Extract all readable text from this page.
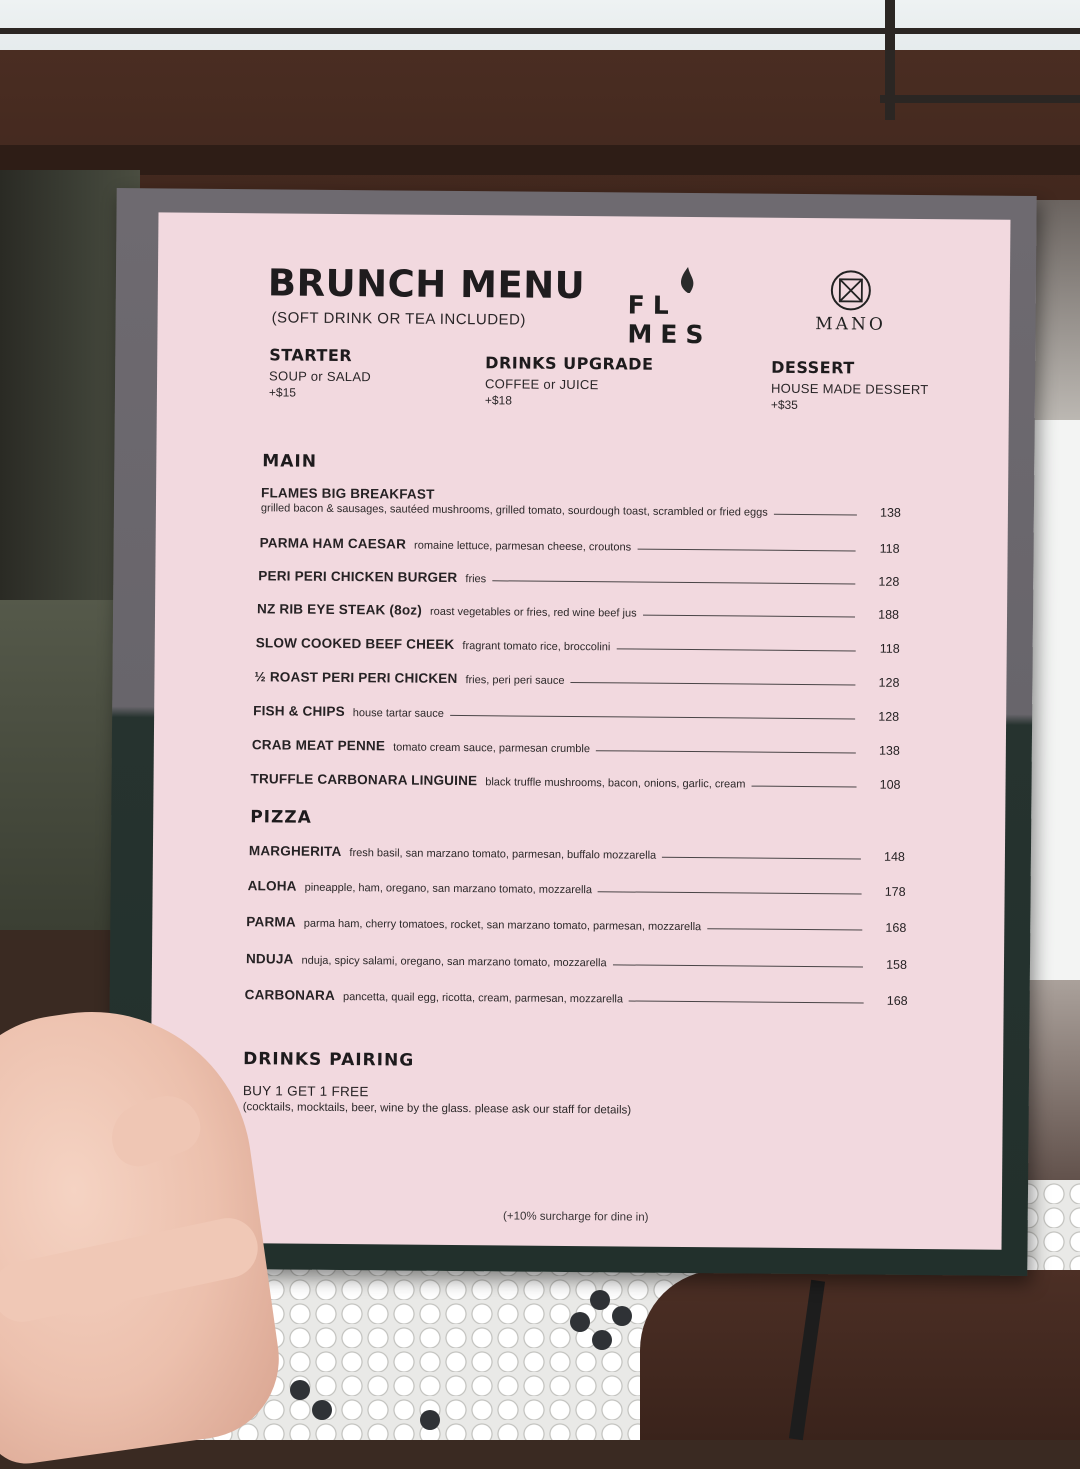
BRUNCH MENU

(SOFT DRINK OR TEA INCLUDED)	FL MES	MANO
STARTER
SOUP or SALAD
+$15
DRINKS UPGRADE
COFFEE or JUICE
+$18
DESSERT
HOUSE MADE DESSERT
+$35
MAIN
FLAMES BIG BREAKFAST
grilled bacon & sausages, sautéed mushrooms, grilled tomato, sourdough toast, scrambled or fried eggs	138
PARMA HAM CAESAR romaine lettuce, parmesan cheese, croutons	118
PERI PERI CHICKEN BURGER fries	128
NZ RIB EYE STEAK (8oz) roast vegetables or fries, red wine beef jus	188
SLOW COOKED BEEF CHEEK fragrant tomato rice, broccolini	118
½ ROAST PERI PERI CHICKEN fries, peri peri sauce	128
FISH & CHIPS house tartar sauce	128
CRAB MEAT PENNE tomato cream sauce, parmesan crumble	138
TRUFFLE CARBONARA LINGUINE black truffle mushrooms, bacon, onions, garlic, cream	108
PIZZA
MARGHERITA fresh basil, san marzano tomato, parmesan, buffalo mozzarella	148
ALOHA pineapple, ham, oregano, san marzano tomato, mozzarella	178
PARMA parma ham, cherry tomatoes, rocket, san marzano tomato, parmesan, mozzarella	168
NDUJA nduja, spicy salami, oregano, san marzano tomato, mozzarella	158
CARBONARA pancetta, quail egg, ricotta, cream, parmesan, mozzarella	168
DRINKS PAIRING
BUY 1 GET 1 FREE
(cocktails, mocktails, beer, wine by the glass. please ask our staff for details)
(+10% surcharge for dine in)
